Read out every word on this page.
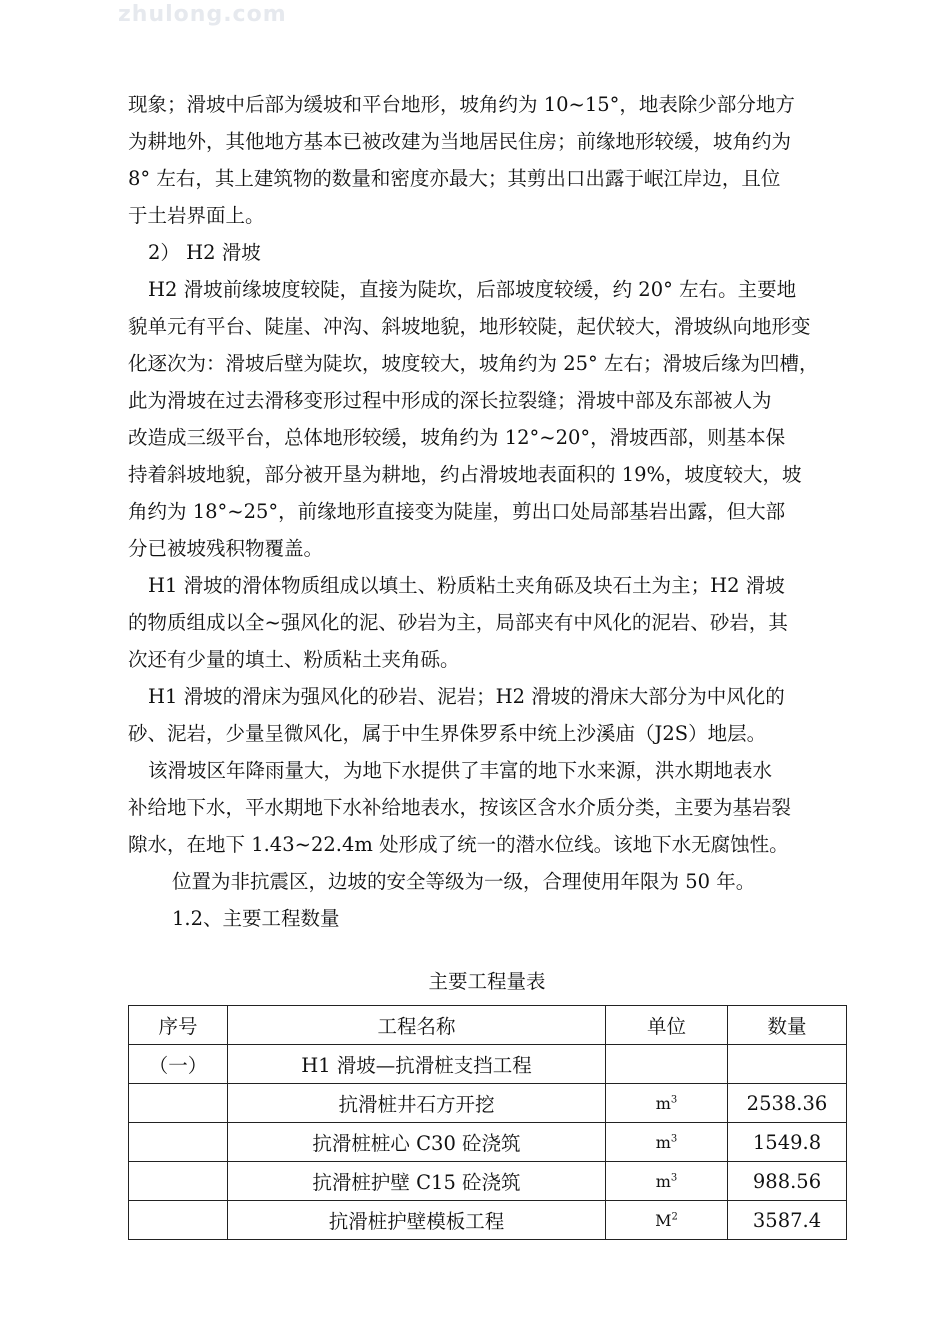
zhulong.com
现象；滑坡中后部为缓坡和平台地形，坡角约为 10~15°，地表除少部分地方
为耕地外，其他地方基本已被改建为当地居民住房；前缘地形较缓，坡角约为
8° 左右，其上建筑物的数量和密度亦最大；其剪出口出露于岷江岸边，且位
于土岩界面上。
2） H2 滑坡
H2 滑坡前缘坡度较陡，直接为陡坎，后部坡度较缓，约 20° 左右。主要地
貌单元有平台、陡崖、冲沟、斜坡地貌，地形较陡，起伏较大，滑坡纵向地形变
化逐次为：滑坡后壁为陡坎，坡度较大，坡角约为 25° 左右；滑坡后缘为凹槽，
此为滑坡在过去滑移变形过程中形成的深长拉裂缝；滑坡中部及东部被人为
改造成三级平台，总体地形较缓，坡角约为 12°~20°，滑坡西部，则基本保
持着斜坡地貌，部分被开垦为耕地，约占滑坡地表面积的 19%，坡度较大，坡
角约为 18°~25°，前缘地形直接变为陡崖，剪出口处局部基岩出露，但大部
分已被坡残积物覆盖。
H1 滑坡的滑体物质组成以填土、粉质粘土夹角砾及块石土为主；H2 滑坡
的物质组成以全~强风化的泥、砂岩为主，局部夹有中风化的泥岩、砂岩，其
次还有少量的填土、粉质粘土夹角砾。
H1 滑坡的滑床为强风化的砂岩、泥岩；H2 滑坡的滑床大部分为中风化的
砂、泥岩，少量呈微风化，属于中生界侏罗系中统上沙溪庙（J2S）地层。
该滑坡区年降雨量大，为地下水提供了丰富的地下水来源，洪水期地表水
补给地下水，平水期地下水补给地表水，按该区含水介质分类，主要为基岩裂
隙水，在地下 1.43~22.4m 处形成了统一的潜水位线。该地下水无腐蚀性。
位置为非抗震区，边坡的安全等级为一级，合理使用年限为 50 年。
1.2、主要工程数量
主要工程量表
序号	工程名称	单位	数量
（一）	H1 滑坡—抗滑桩支挡工程		
	抗滑桩井石方开挖	$m^3$	2538.36
	抗滑桩桩心 C30 砼浇筑	$m^3$	1549.8
	抗滑桩护壁 C15 砼浇筑	$m^3$	988.56
	抗滑桩护壁模板工程	$M^2$	3587.4
